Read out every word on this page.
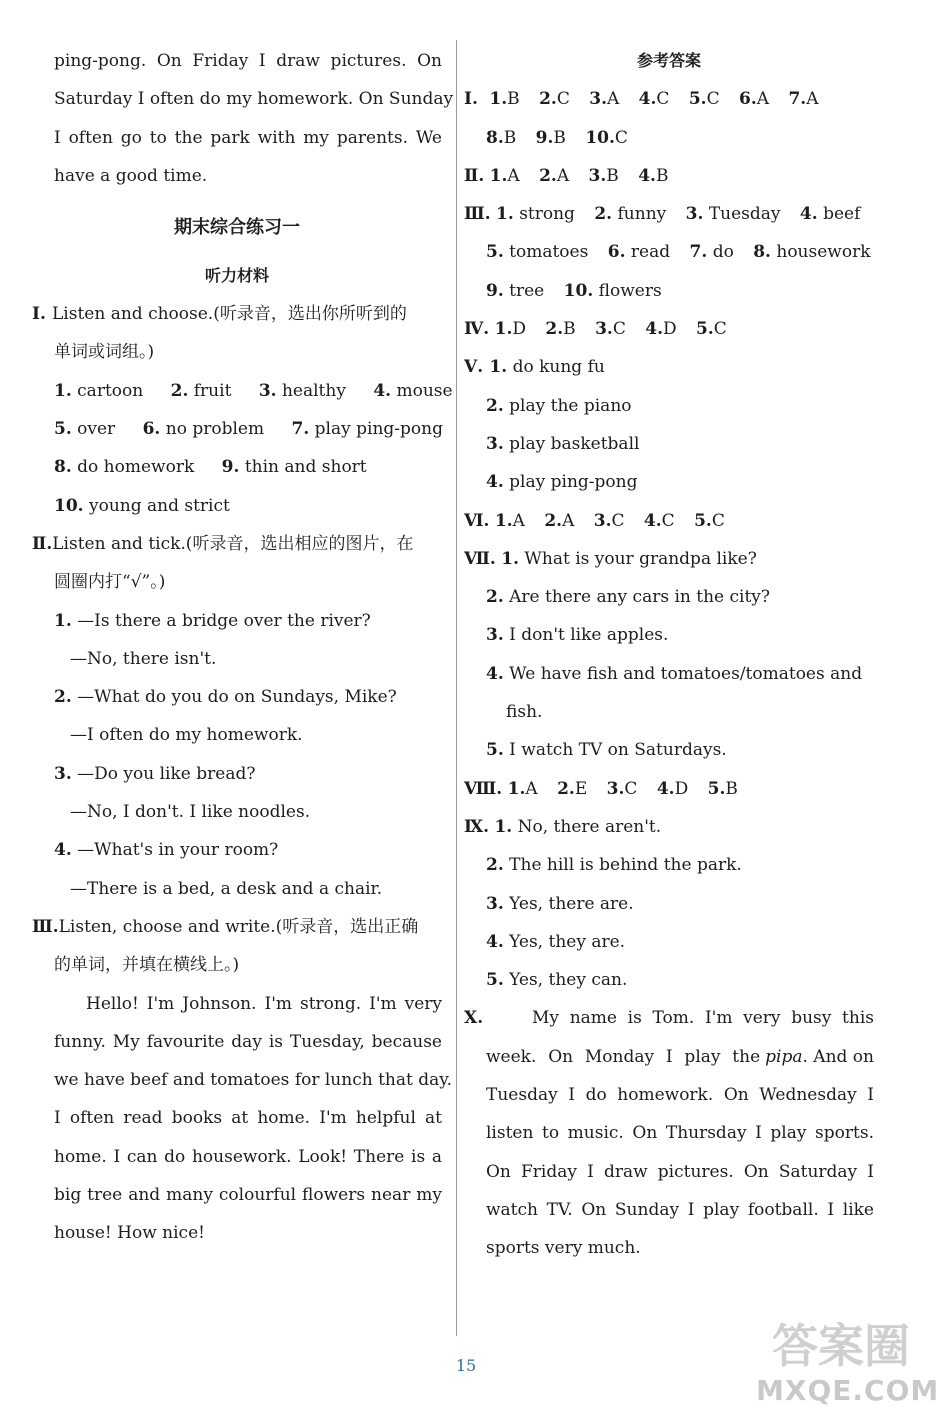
ping-pong. On Friday I draw pictures. On
Saturday I often do my homework. On Sunday
I often go to the park with my parents. We
have a good time.
期末综合练习一
听力材料
Ⅰ. Listen and choose.(听录音，选出你所听到的
单词或词组。)
1. cartoon 2. fruit 3. healthy 4. mouse
5. over 6. no problem 7. play ping-pong
8. do homework 9. thin and short
10. young and strict
Ⅱ.Listen and tick.(听录音，选出相应的图片，在
圆圈内打“√”。)
1. —Is there a bridge over the river?
—No, there isn't.
2. —What do you do on Sundays, Mike?
—I often do my homework.
3. —Do you like bread?
—No, I don't. I like noodles.
4. —What's in your room?
—There is a bed, a desk and a chair.
Ⅲ.Listen, choose and write.(听录音，选出正确
的单词，并填在横线上。)
Hello! I'm Johnson. I'm strong. I'm very
funny. My favourite day is Tuesday, because
we have beef and tomatoes for lunch that day.
I often read books at home. I'm helpful at
home. I can do housework. Look! There is a
big tree and many colourful flowers near my
house! How nice!
参考答案
Ⅰ. 1.B 2.C 3.A 4.C 5.C 6.A 7.A
8.B 9.B 10.C
Ⅱ. 1.A 2.A 3.B 4.B
Ⅲ. 1. strong 2. funny 3. Tuesday 4. beef
5. tomatoes 6. read 7. do 8. housework
9. tree 10. flowers
Ⅳ. 1.D 2.B 3.C 4.D 5.C
Ⅴ. 1. do kung fu
2. play the piano
3. play basketball
4. play ping-pong
Ⅵ. 1.A 2.A 3.C 4.C 5.C
Ⅶ. 1. What is your grandpa like?
2. Are there any cars in the city?
3. I don't like apples.
4. We have fish and tomatoes/tomatoes and
fish.
5. I watch TV on Saturdays.
Ⅷ. 1.A 2.E 3.C 4.D 5.B
Ⅸ. 1. No, there aren't.
2. The hill is behind the park.
3. Yes, there are.
4. Yes, they are.
5. Yes, they can.
Ⅹ.	My name is Tom. I'm very busy this
week. On Monday I play the pipa. And on
Tuesday I do homework. On Wednesday I
listen to music. On Thursday I play sports.
On Friday I draw pictures. On Saturday I
watch TV. On Sunday I play football. I like
sports very much.
15	答案圈
MXQE.COM
